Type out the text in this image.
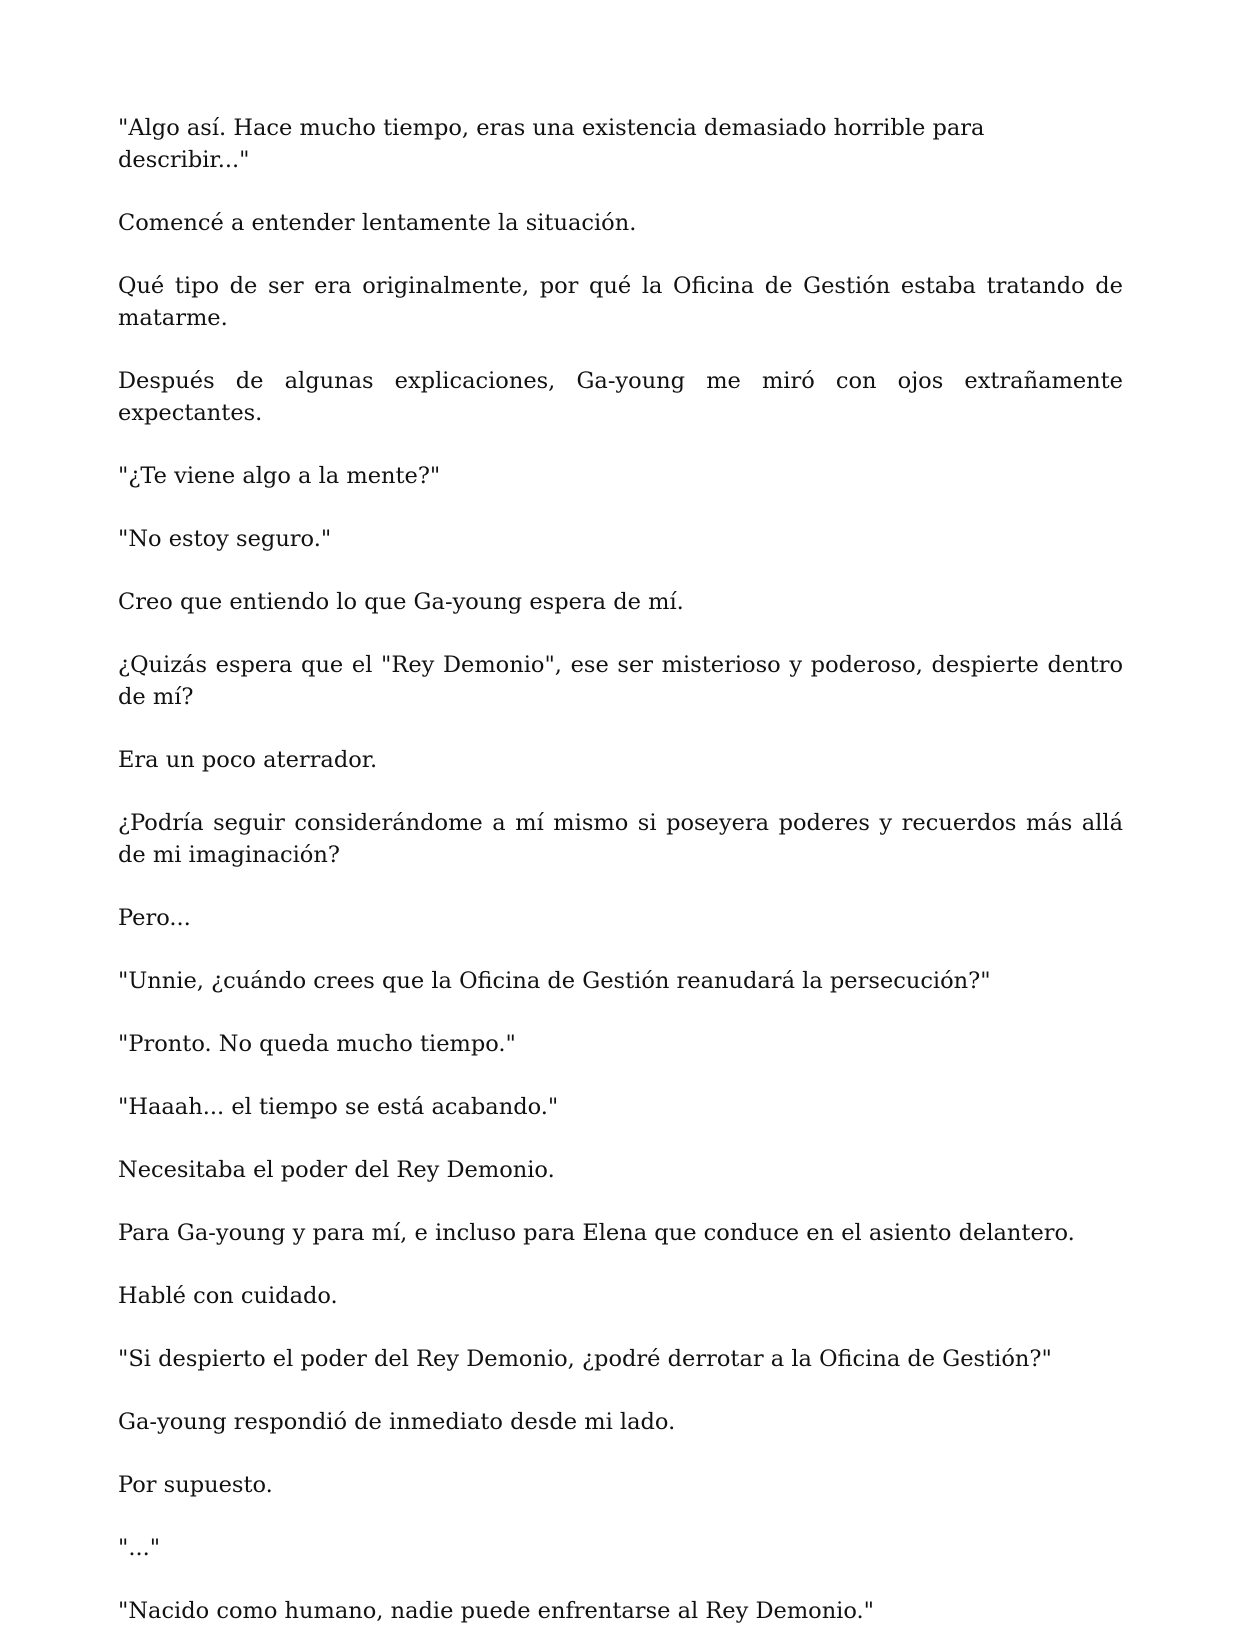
"Algo así. Hace mucho tiempo, eras una existencia demasiado horrible para describir..."

Comencé a entender lentamente la situación.

Qué tipo de ser era originalmente, por qué la Oficina de Gestión estaba tratando de matarme.

Después de algunas explicaciones, Ga-young me miró con ojos extrañamente expectantes.

"¿Te viene algo a la mente?"

"No estoy seguro."

Creo que entiendo lo que Ga-young espera de mí.

¿Quizás espera que el "Rey Demonio", ese ser misterioso y poderoso, despierte dentro de mí?

Era un poco aterrador.

¿Podría seguir considerándome a mí mismo si poseyera poderes y recuerdos más allá de mi imaginación?

Pero...

"Unnie, ¿cuándo crees que la Oficina de Gestión reanudará la persecución?"

"Pronto. No queda mucho tiempo."

"Haaah... el tiempo se está acabando."

Necesitaba el poder del Rey Demonio.

Para Ga-young y para mí, e incluso para Elena que conduce en el asiento delantero.

Hablé con cuidado.

"Si despierto el poder del Rey Demonio, ¿podré derrotar a la Oficina de Gestión?"

Ga-young respondió de inmediato desde mi lado.

Por supuesto.

"..."

"Nacido como humano, nadie puede enfrentarse al Rey Demonio."
